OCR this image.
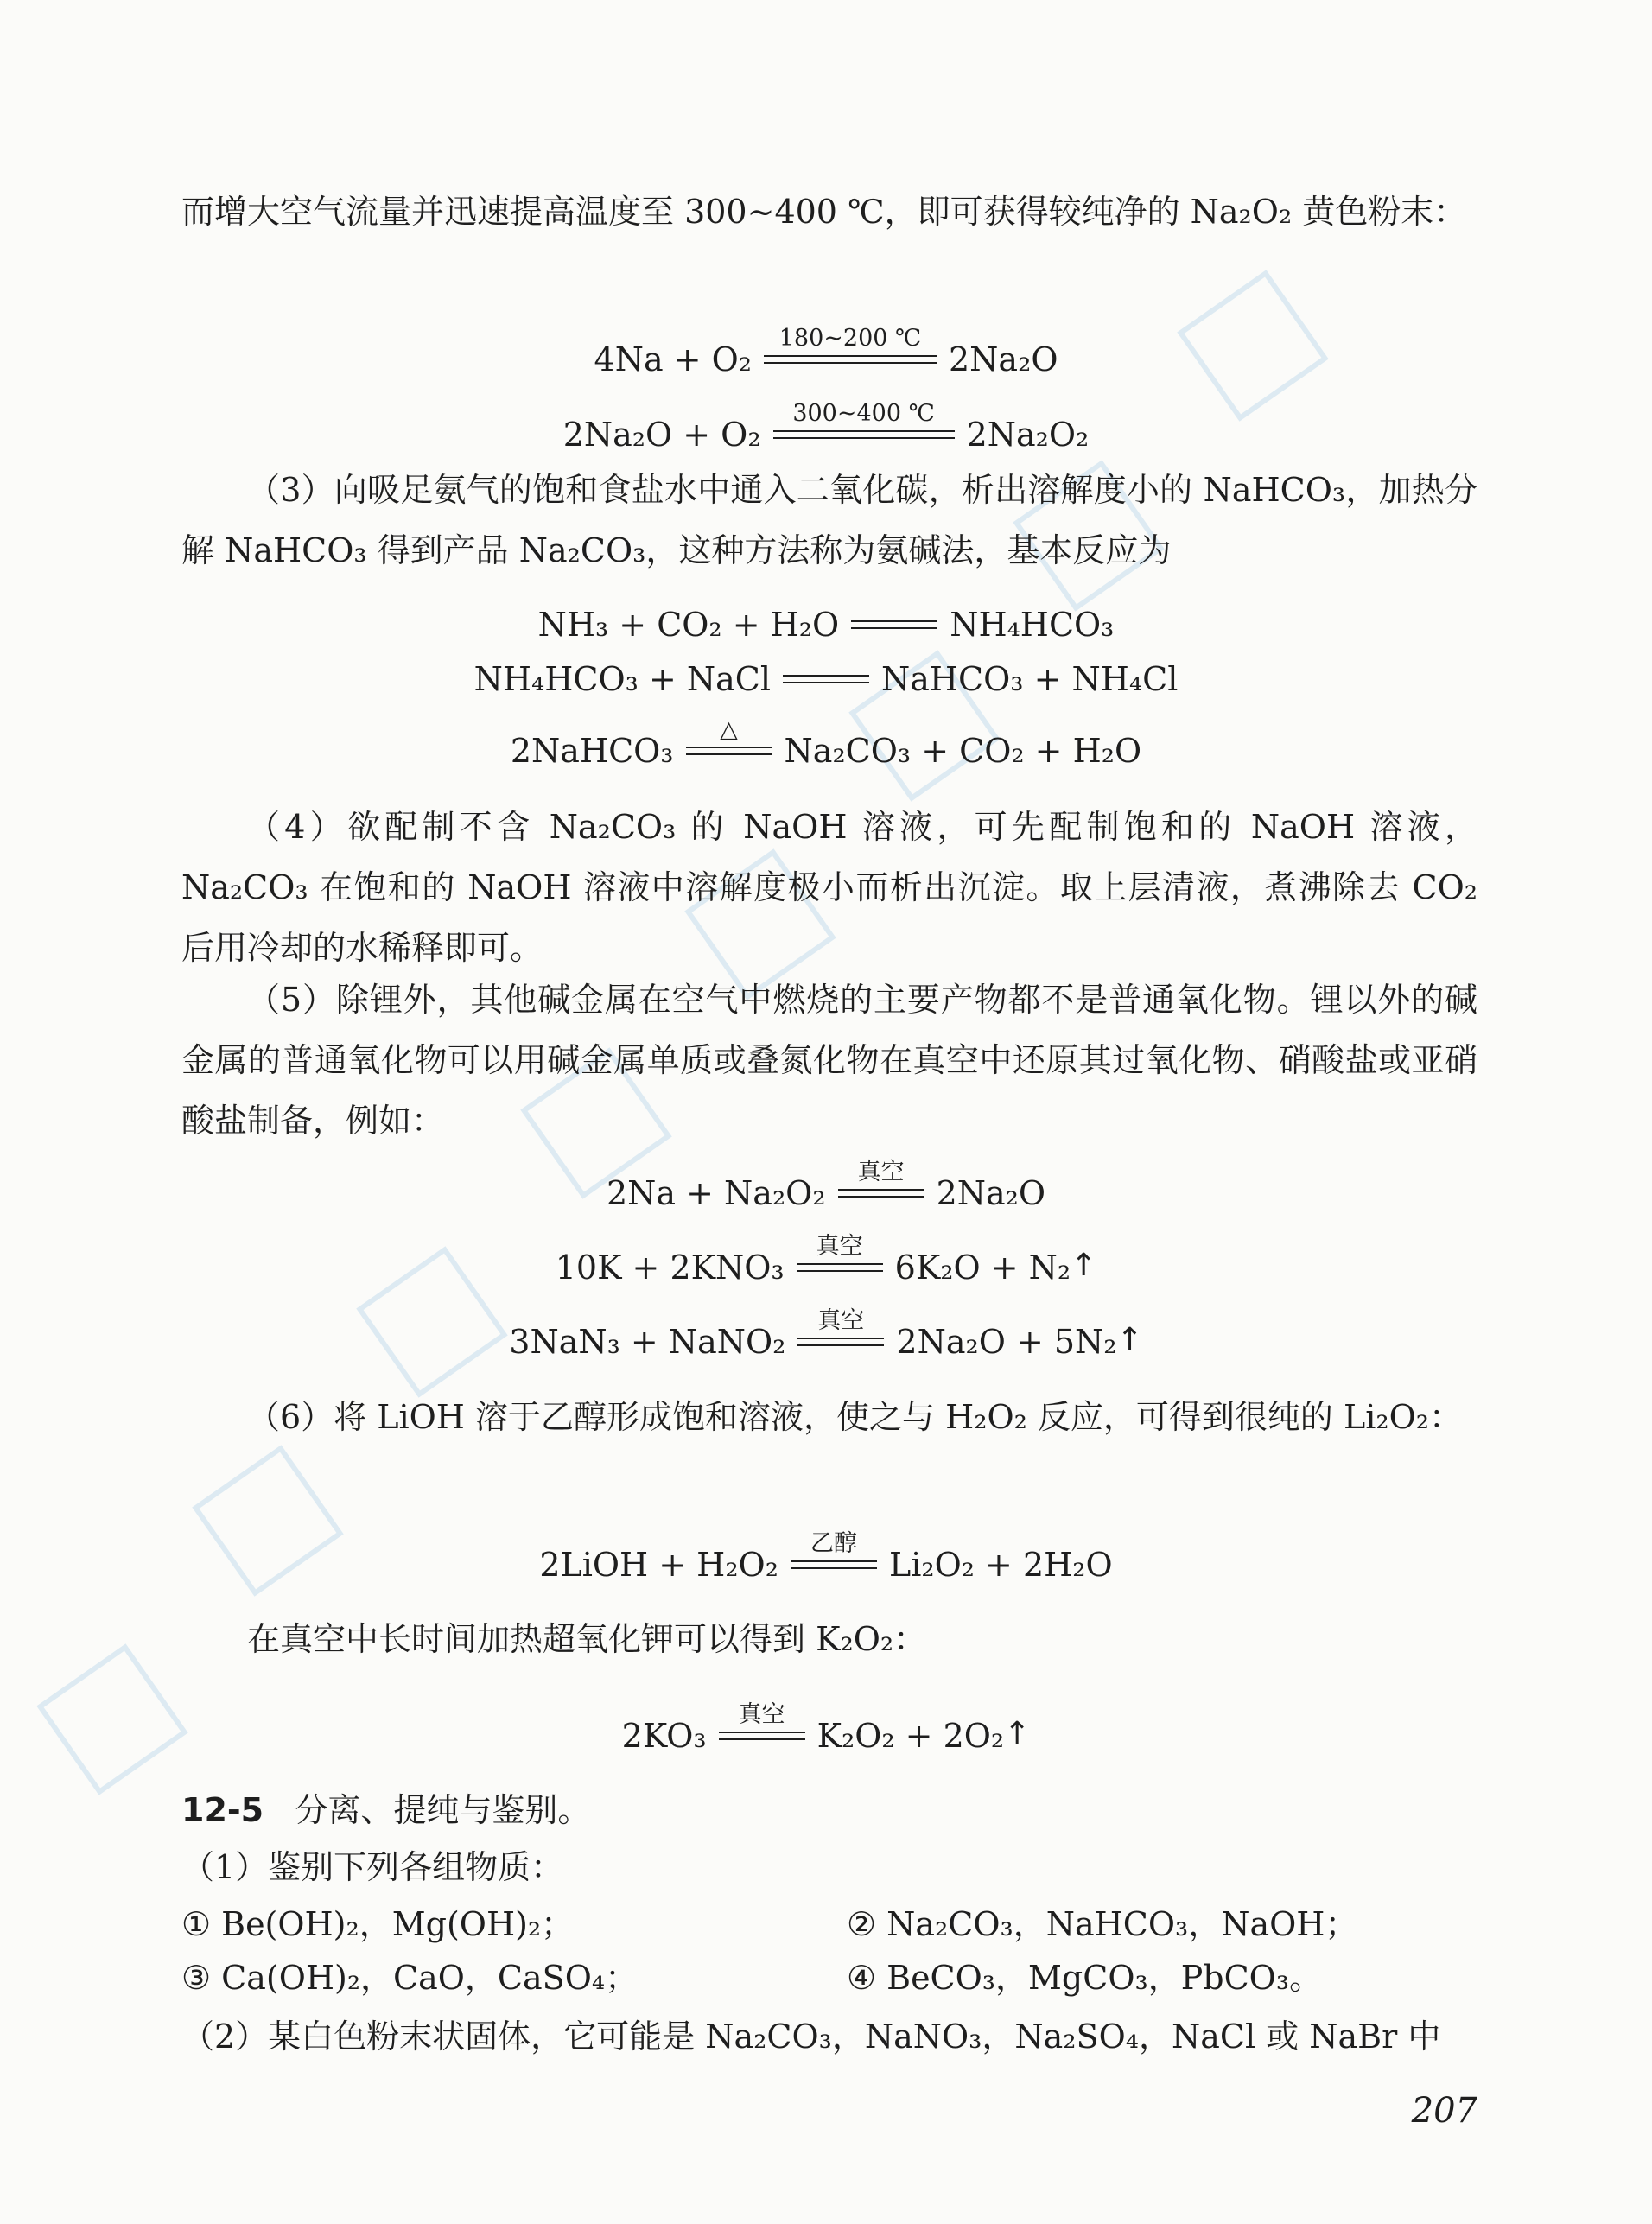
而增大空气流量并迅速提高温度至 300~400 ℃，即可获得较纯净的 Na₂O₂ 黄色粉末：

4Na + O₂
180~200 ℃
2Na₂O
2Na₂O + O₂
300~400 ℃
2Na₂O₂

（3）向吸足氨气的饱和食盐水中通入二氧化碳，析出溶解度小的 NaHCO₃，加热分解 NaHCO₃ 得到产品 Na₂CO₃，这种方法称为氨碱法，基本反应为

NH₃ + CO₂ + H₂O	NH₄HCO₃
NH₄HCO₃ + NaCl	NaHCO₃ + NH₄Cl
2NaHCO₃
△
Na₂CO₃ + CO₂ + H₂O

（4）欲配制不含 Na₂CO₃ 的 NaOH 溶液，可先配制饱和的 NaOH 溶液，Na₂CO₃ 在饱和的 NaOH 溶液中溶解度极小而析出沉淀。取上层清液，煮沸除去 CO₂ 后用冷却的水稀释即可。

（5）除锂外，其他碱金属在空气中燃烧的主要产物都不是普通氧化物。锂以外的碱金属的普通氧化物可以用碱金属单质或叠氮化物在真空中还原其过氧化物、硝酸盐或亚硝酸盐制备，例如：

2Na + Na₂O₂
真空
2Na₂O
10K + 2KNO₃
真空
6K₂O + N₂↑
3NaN₃ + NaNO₂
真空
2Na₂O + 5N₂↑

（6）将 LiOH 溶于乙醇形成饱和溶液，使之与 H₂O₂ 反应，可得到很纯的 Li₂O₂：

2LiOH + H₂O₂
乙醇
Li₂O₂ + 2H₂O

在真空中长时间加热超氧化钾可以得到 K₂O₂：

2KO₃
真空
K₂O₂ + 2O₂↑

12-5 分离、提纯与鉴别。

（1）鉴别下列各组物质：

① Be(OH)₂，Mg(OH)₂；	② Na₂CO₃，NaHCO₃，NaOH；
③ Ca(OH)₂，CaO，CaSO₄；	④ BeCO₃，MgCO₃，PbCO₃。

（2）某白色粉末状固体，它可能是 Na₂CO₃，NaNO₃，Na₂SO₄，NaCl 或 NaBr 中

207
